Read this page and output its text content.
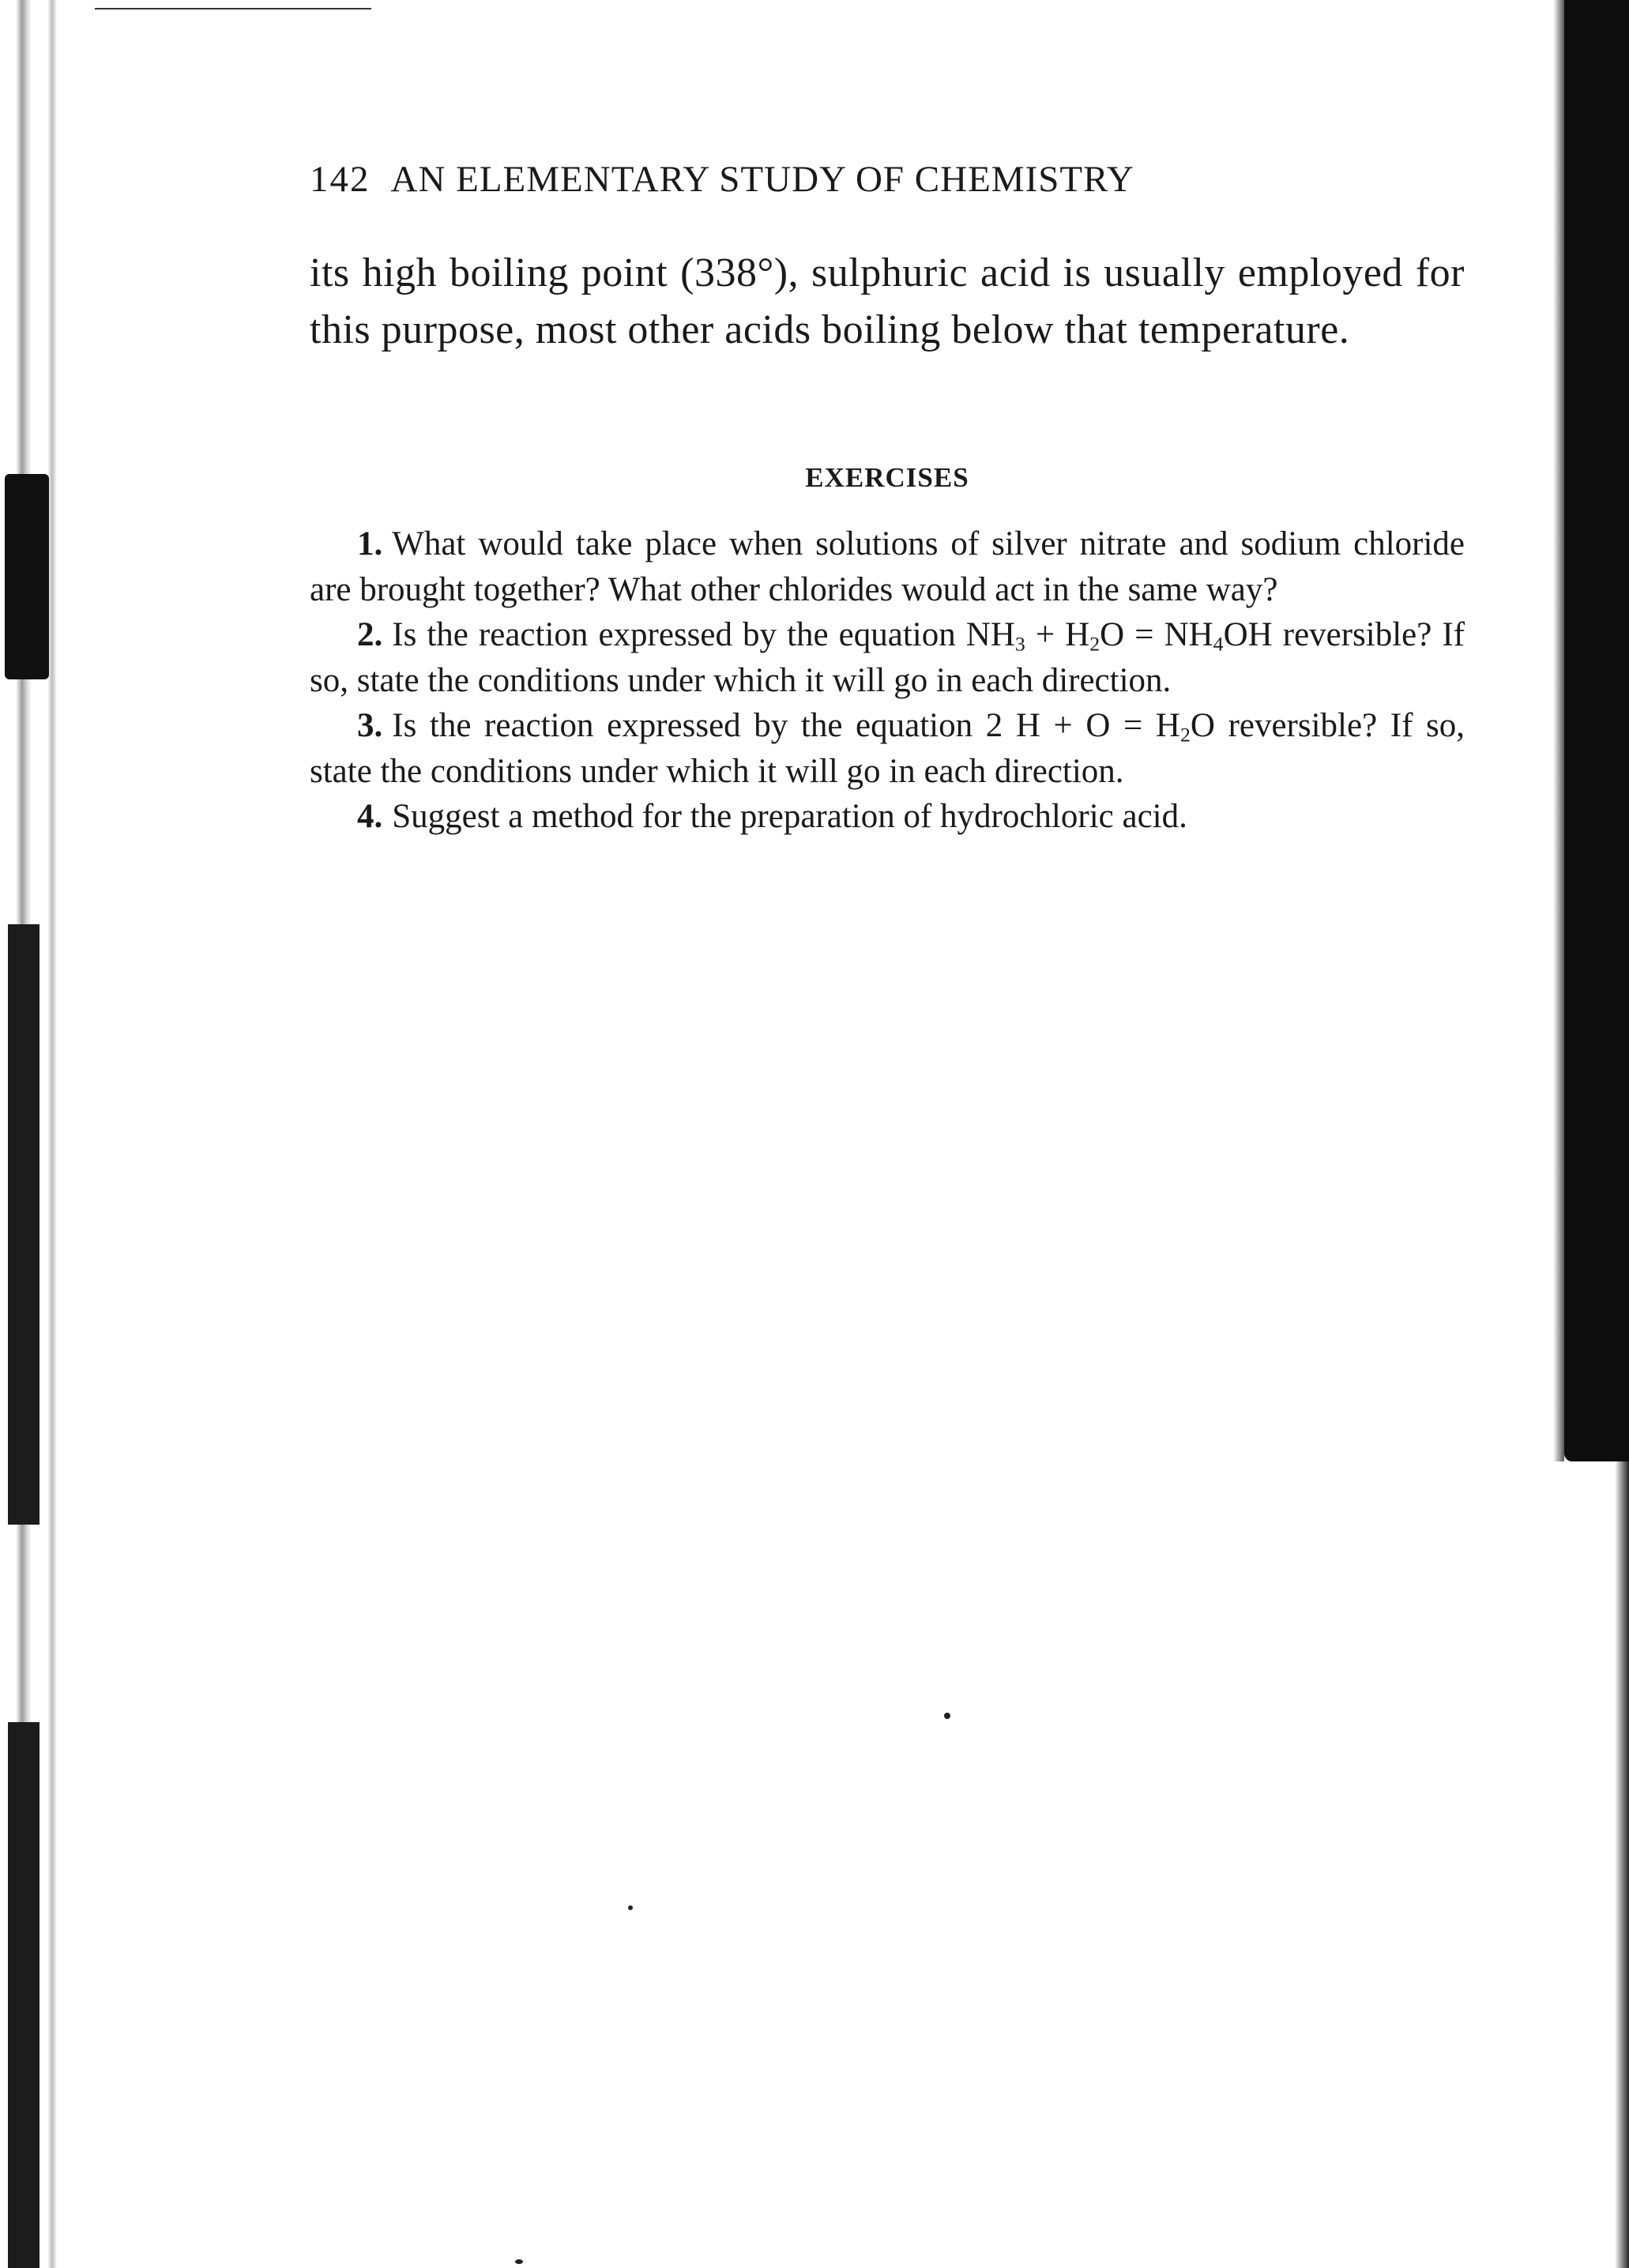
142 AN ELEMENTARY STUDY OF CHEMISTRY
its high boiling point (338°), sulphuric acid is usually employed for this purpose, most other acids boiling below that temperature.
EXERCISES
1. What would take place when solutions of silver nitrate and sodium chloride are brought together? What other chlorides would act in the same way?
2. Is the reaction expressed by the equation $NH_3 + H_2O = NH_4OH$ reversible? If so, state the conditions under which it will go in each direction.
3. Is the reaction expressed by the equation 2 $H + O = H_2O$ reversible? If so, state the conditions under which it will go in each direction.
4. Suggest a method for the preparation of hydrochloric acid.
